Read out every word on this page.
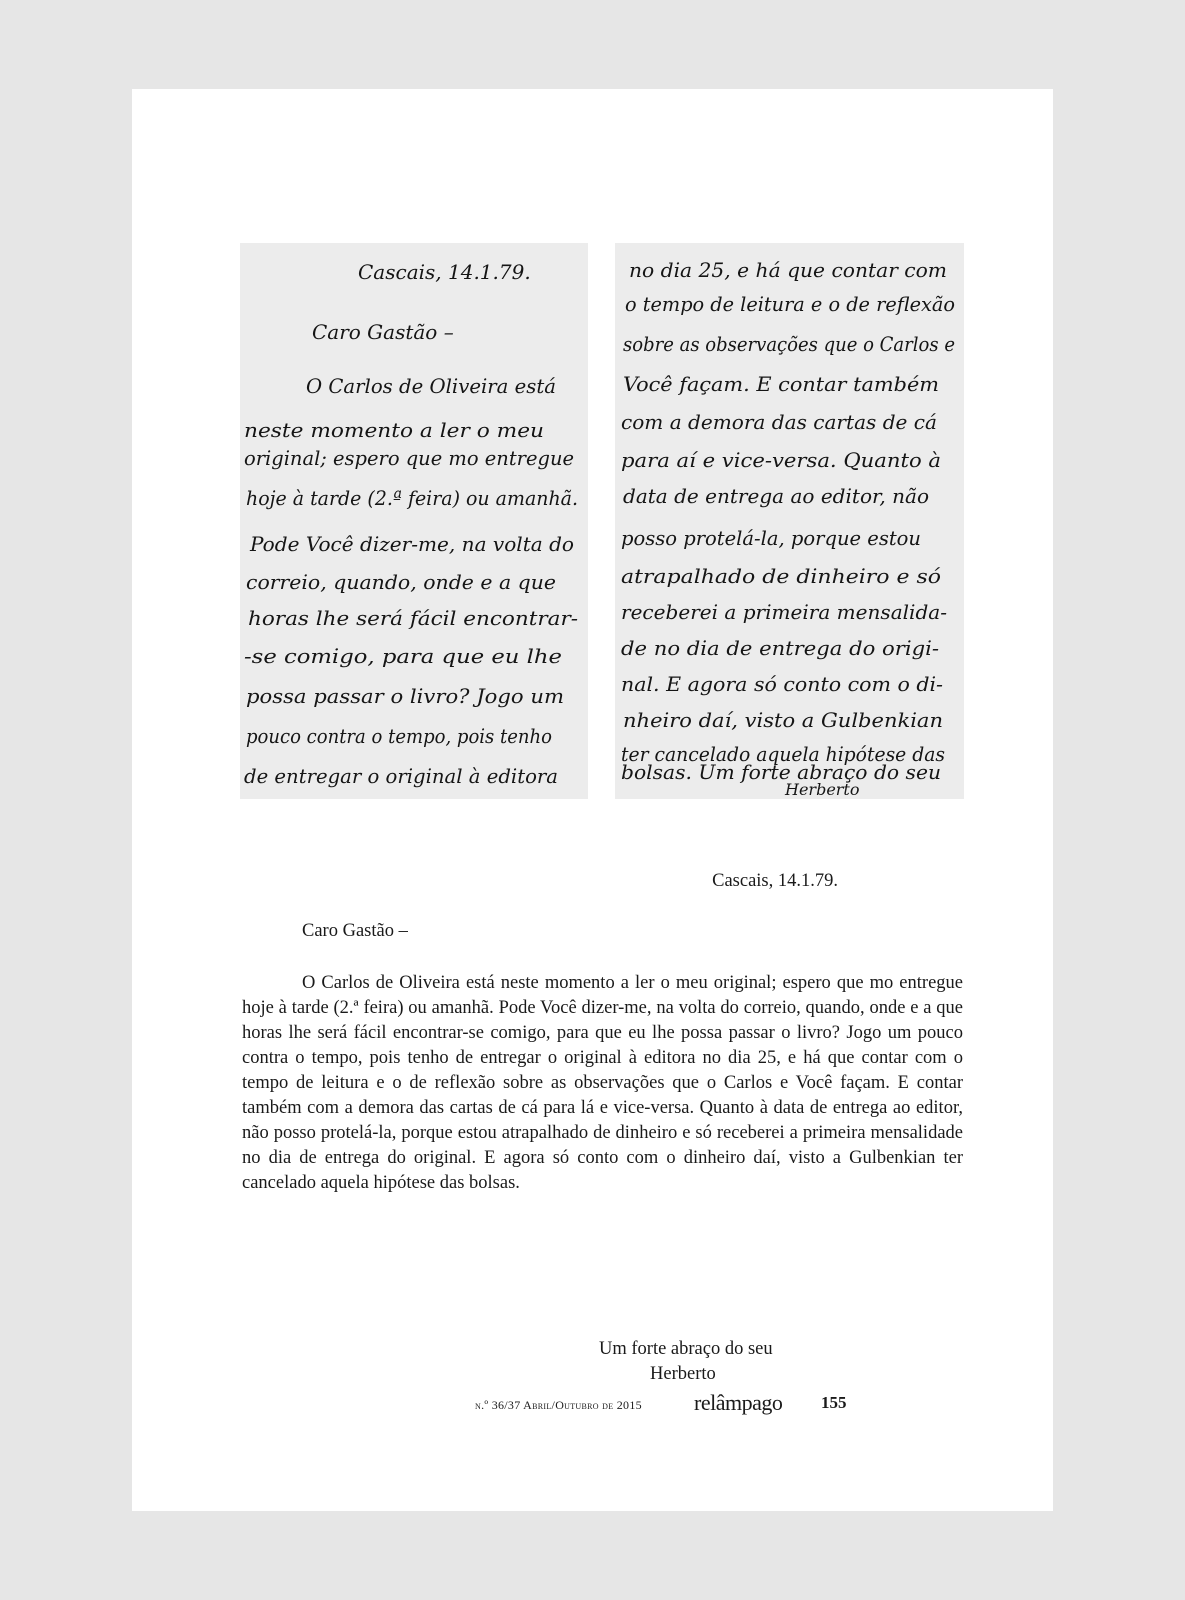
Cascais, 14.1.79.
Caro Gastão –
O Carlos de Oliveira está
neste momento a ler o meu
original; espero que mo entregue
hoje à tarde (2.ª feira) ou amanhã.
Pode Você dizer-me, na volta do
correio, quando, onde e a que
horas lhe será fácil encontrar-
-se comigo, para que eu lhe
possa passar o livro? Jogo um
pouco contra o tempo, pois tenho
de entregar o original à editora
no dia 25, e há que contar com
o tempo de leitura e o de reflexão
sobre as observações que o Carlos e
Você façam. E contar também
com a demora das cartas de cá
para aí e vice-versa. Quanto à
data de entrega ao editor, não
posso protelá-la, porque estou
atrapalhado de dinheiro e só
receberei a primeira mensalida-
de no dia de entrega do origi-
nal. E agora só conto com o di-
nheiro daí, visto a Gulbenkian
ter cancelado aquela hipótese das
bolsas. Um forte abraço do seu
Herberto
Cascais, 14.1.79.
Caro Gastão –
O Carlos de Oliveira está neste momento a ler o meu original; espero que mo entregue hoje à tarde (2.ª feira) ou amanhã. Pode Você dizer-me, na volta do correio, quando, onde e a que horas lhe será fácil encontrar-se comigo, para que eu lhe possa passar o livro? Jogo um pouco contra o tempo, pois tenho de entregar o original à editora no dia 25, e há que contar com o tempo de leitura e o de reflexão sobre as observações que o Carlos e Você façam. E contar também com a demora das cartas de cá para lá e vice-versa. Quanto à data de entrega ao editor, não posso protelá-la, porque estou atrapalhado de dinheiro e só receberei a primeira mensalidade no dia de entrega do original. E agora só conto com o dinheiro daí, visto a Gulbenkian ter cancelado aquela hipótese das bolsas.
Um forte abraço do seu
Herberto
n.º 36/37 Abril/Outubro de 2015 relâmpago 155
